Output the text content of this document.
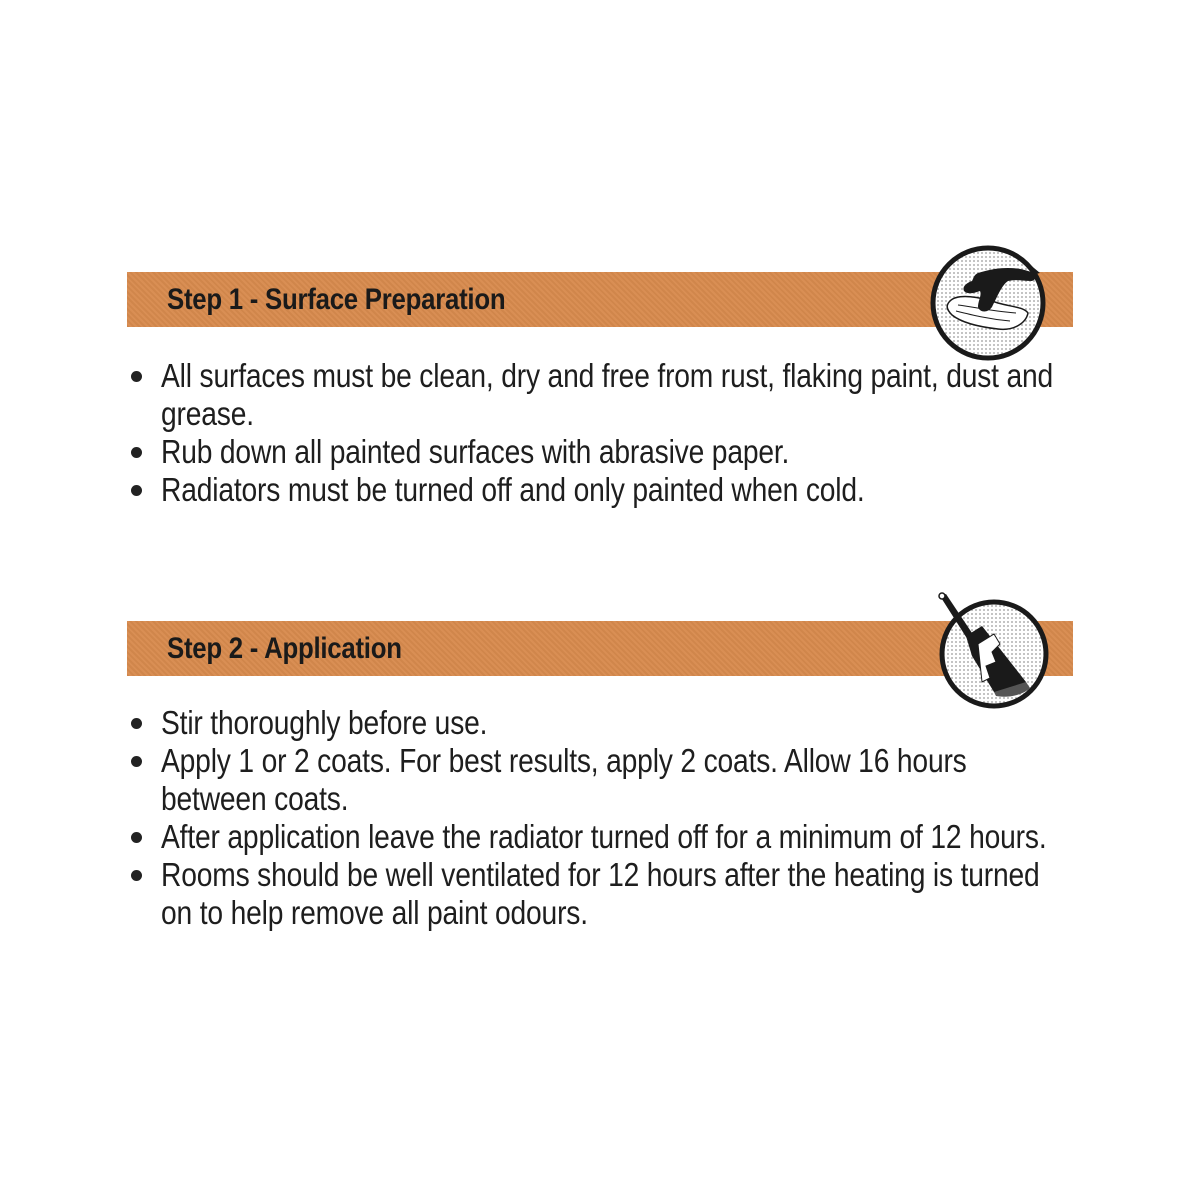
Step 1 - Surface Preparation
All surfaces must be clean, dry and free from rust, flaking paint, dust and grease.
Rub down all painted surfaces with abrasive paper.
Radiators must be turned off and only painted when cold.
Step 2 - Application
Stir thoroughly before use.
Apply 1 or 2 coats. For best results, apply 2 coats. Allow 16 hours between coats.
After application leave the radiator turned off for a minimum of 12 hours.
Rooms should be well ventilated for 12 hours after the heating is turned on to help remove all paint odours.
